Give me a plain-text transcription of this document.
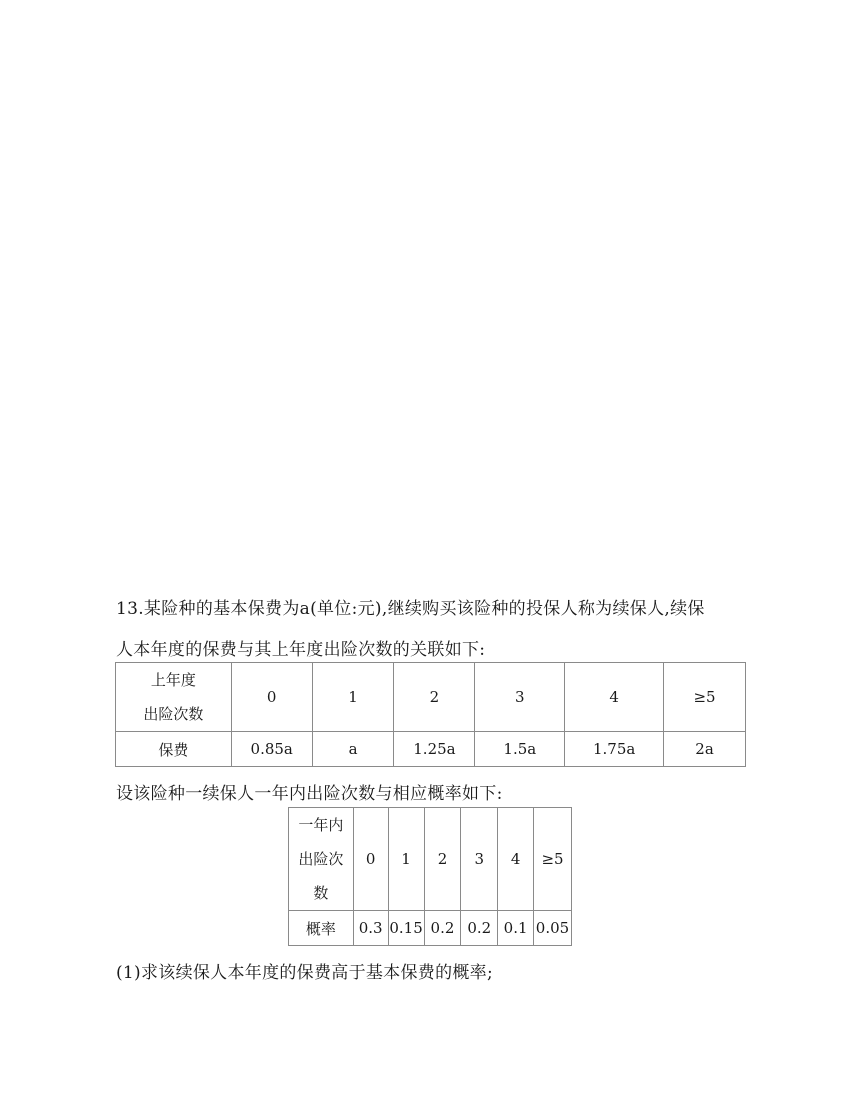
13.某险种的基本保费为a(单位:元),继续购买该险种的投保人称为续保人,续保
人本年度的保费与其上年度出险次数的关联如下:
上年度
出险次数	0	1	2	3	4	≥5
保费	0.85a	a	1.25a	1.5a	1.75a	2a
设该险种一续保人一年内出险次数与相应概率如下:
一年内出险次数	0	1	2	3	4	≥5
概率	0.3	0.15	0.2	0.2	0.1	0.05
(1)求该续保人本年度的保费高于基本保费的概率;
